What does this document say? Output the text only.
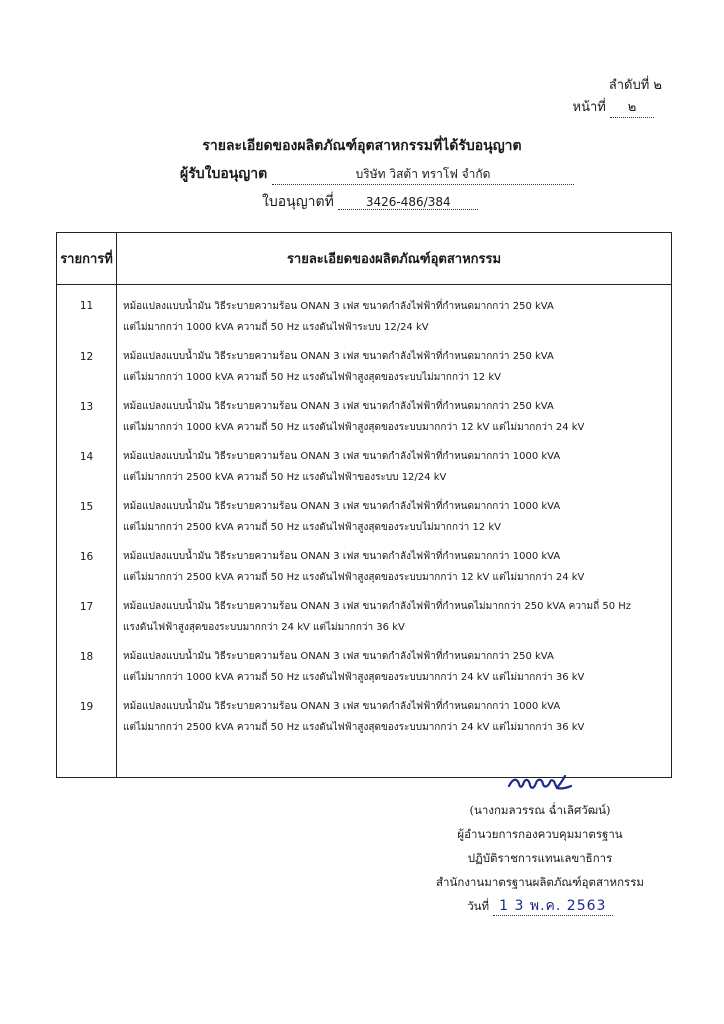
ลำดับที่ ๒
หน้าที่ ๒
รายละเอียดของผลิตภัณฑ์อุตสาหกรรมที่ได้รับอนุญาต
ผู้รับใบอนุญาต	บริษัท วิสต้า ทราโฟ จำกัด
ใบอนุญาตที่	3426-486/384
รายการที่	รายละเอียดของผลิตภัณฑ์อุตสาหกรรม
11	หม้อแปลงแบบน้ำมัน วิธีระบายความร้อน ONAN 3 เฟส ขนาดกำลังไฟฟ้าที่กำหนดมากกว่า 250 kVA
แต่ไม่มากกว่า 1000 kVA ความถี่ 50 Hz แรงดันไฟฟ้าระบบ 12/24 kV

12	หม้อแปลงแบบน้ำมัน วิธีระบายความร้อน ONAN 3 เฟส ขนาดกำลังไฟฟ้าที่กำหนดมากกว่า 250 kVA
แต่ไม่มากกว่า 1000 kVA ความถี่ 50 Hz แรงดันไฟฟ้าสูงสุดของระบบไม่มากกว่า 12 kV

13	หม้อแปลงแบบน้ำมัน วิธีระบายความร้อน ONAN 3 เฟส ขนาดกำลังไฟฟ้าที่กำหนดมากกว่า 250 kVA
แต่ไม่มากกว่า 1000 kVA ความถี่ 50 Hz แรงดันไฟฟ้าสูงสุดของระบบมากกว่า 12 kV แต่ไม่มากกว่า 24 kV

14	หม้อแปลงแบบน้ำมัน วิธีระบายความร้อน ONAN 3 เฟส ขนาดกำลังไฟฟ้าที่กำหนดมากกว่า 1000 kVA
แต่ไม่มากกว่า 2500 kVA ความถี่ 50 Hz แรงดันไฟฟ้าของระบบ 12/24 kV

15	หม้อแปลงแบบน้ำมัน วิธีระบายความร้อน ONAN 3 เฟส ขนาดกำลังไฟฟ้าที่กำหนดมากกว่า 1000 kVA
แต่ไม่มากกว่า 2500 kVA ความถี่ 50 Hz แรงดันไฟฟ้าสูงสุดของระบบไม่มากกว่า 12 kV

16	หม้อแปลงแบบน้ำมัน วิธีระบายความร้อน ONAN 3 เฟส ขนาดกำลังไฟฟ้าที่กำหนดมากกว่า 1000 kVA
แต่ไม่มากกว่า 2500 kVA ความถี่ 50 Hz แรงดันไฟฟ้าสูงสุดของระบบมากกว่า 12 kV แต่ไม่มากกว่า 24 kV

17	หม้อแปลงแบบน้ำมัน วิธีระบายความร้อน ONAN 3 เฟส ขนาดกำลังไฟฟ้าที่กำหนดไม่มากกว่า 250 kVA ความถี่ 50 Hz
แรงดันไฟฟ้าสูงสุดของระบบมากกว่า 24 kV แต่ไม่มากกว่า 36 kV

18	หม้อแปลงแบบน้ำมัน วิธีระบายความร้อน ONAN 3 เฟส ขนาดกำลังไฟฟ้าที่กำหนดมากกว่า 250 kVA
แต่ไม่มากกว่า 1000 kVA ความถี่ 50 Hz แรงดันไฟฟ้าสูงสุดของระบบมากกว่า 24 kV แต่ไม่มากกว่า 36 kV

19	หม้อแปลงแบบน้ำมัน วิธีระบายความร้อน ONAN 3 เฟส ขนาดกำลังไฟฟ้าที่กำหนดมากกว่า 1000 kVA
แต่ไม่มากกว่า 2500 kVA ความถี่ 50 Hz แรงดันไฟฟ้าสูงสุดของระบบมากกว่า 24 kV แต่ไม่มากกว่า 36 kV

(นางกมลวรรณ ฉ่ำเลิศวัฒน์)
ผู้อำนวยการกองควบคุมมาตรฐาน
ปฏิบัติราชการแทนเลขาธิการ
สำนักงานมาตรฐานผลิตภัณฑ์อุตสาหกรรม
วันที่ 1 3 พ.ค. 2563
